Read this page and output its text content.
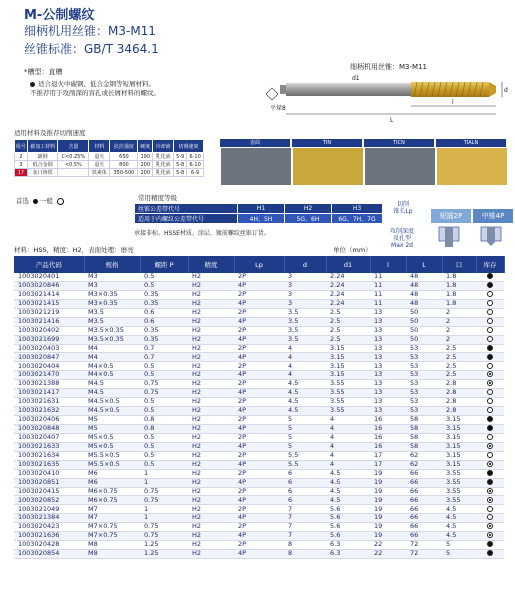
M-公制螺纹
细柄机用丝锥：M3-M11
丝锥标准：GB/T 3464.1
*槽型：直槽
适合退火中碳钢、低合金钢等短屑材料。
不推荐用于攻削深的盲孔或长屑材料的螺纹。
细柄机用丝锥：M3-M11
l
L
d
d1
平垛8
适用材料及推荐切削速度
组号	被加工材料	含量	材料	抗拉强度	硬度	冷却液	切削速度	
2	碳钢	C<0.25%	退火	650	190	乳化液	5-9	6-10
3	低合金钢	<0.5%	退火	800	200	乳化液	5-8	6-10
17	灰口铸铁		铁素体	350-500	200	乳化液	5-8	6-9
表面	TIN	TICN	TIALN
首选 一般	常用精度等级
丝锥公差带代号	H1	H2	H3
适用于内螺纹公差带代号	4H、5H	5G、6H	6G、7H、7G
承接非标、HSSE材质、涂层、镀前螺纹丝锥订货。
切削
锥长Lp
短擂2P	中锥4P
攻削深度
及孔型
Max 2d
材料：HSS，精度：H2，表面处理：磨亮	单位（mm）
产品代码	规格	螺距 P	精度	Lp	d	d1	l	L	口	库存
1003020401	M3	0.5	H2	2P	3	2.24	11	48	1.8	
1003020846	M3	0.5	H2	4P	3	2.24	11	48	1.8	
1003021414	M3×0.35	0.35	H2	2P	3	2.24	11	48	1.8	
1003021415	M3×0.35	0.35	H2	4P	3	2.24	11	48	1.8	
1003021219	M3.5	0.6	H2	2P	3.5	2.5	13	50	2	
1003021416	M3.5	0.6	H2	4P	3.5	2.5	13	50	2	
1003020402	M3.5×0.35	0.35	H2	2P	3.5	2.5	13	50	2	
1003021699	M3.5×0.35	0.35	H2	4P	3.5	2.5	13	50	2	
1003020403	M4	0.7	H2	2P	4	3.15	13	53	2.5	
1003020847	M4	0.7	H2	4P	4	3.15	13	53	2.5	
1003020404	M4×0.5	0.5	H2	2P	4	3.15	13	53	2.5	
1003021470	M4×0.5	0.5	H2	4P	4	3.15	13	53	2.5	
1003021388	M4.5	0.75	H2	2P	4.5	3.55	13	53	2.8	
1003021417	M4.5	0.75	H2	4P	4.5	3.55	13	53	2.8	
1003021631	M4.5×0.5	0.5	H2	2P	4.5	3.55	13	53	2.8	
1003021632	M4.5×0.5	0.5	H2	4P	4.5	3.55	13	53	2.8	
1003020406	M5	0.8	H2	2P	5	4	16	58	3.15	
1003020848	M5	0.8	H2	4P	5	4	16	58	3.15	
1003020407	M5×0.5	0.5	H2	2P	5	4	16	58	3.15	
1003021633	M5×0.5	0.5	H2	4P	5	4	16	58	3.15	
1003021634	M5.5×0.5	0.5	H2	2P	5.5	4	17	62	3.15	
1003021635	M5.5×0.5	0.5	H2	4P	5.5	4	17	62	3.15	
1003020410	M6	1	H2	2P	6	4.5	19	66	3.55	
1003020851	M6	1	H2	4P	6	4.5	19	66	3.55	
1003020415	M6×0.75	0.75	H2	2P	6	4.5	19	66	3.55	
1003020852	M6×0.75	0.75	H2	4P	6	4.5	19	66	3.55	
1003021049	M7	1	H2	2P	7	5.6	19	66	4.5	
1003021384	M7	1	H2	4P	7	5.6	19	66	4.5	
1003020423	M7×0.75	0.75	H2	2P	7	5.6	19	66	4.5	
1003021636	M7×0.75	0.75	H2	4P	7	5.6	19	66	4.5	
1003020428	M8	1.25	H2	2P	8	6.3	22	72	5	
1003020854	M8	1.25	H2	4P	8	6.3	22	72	5	
